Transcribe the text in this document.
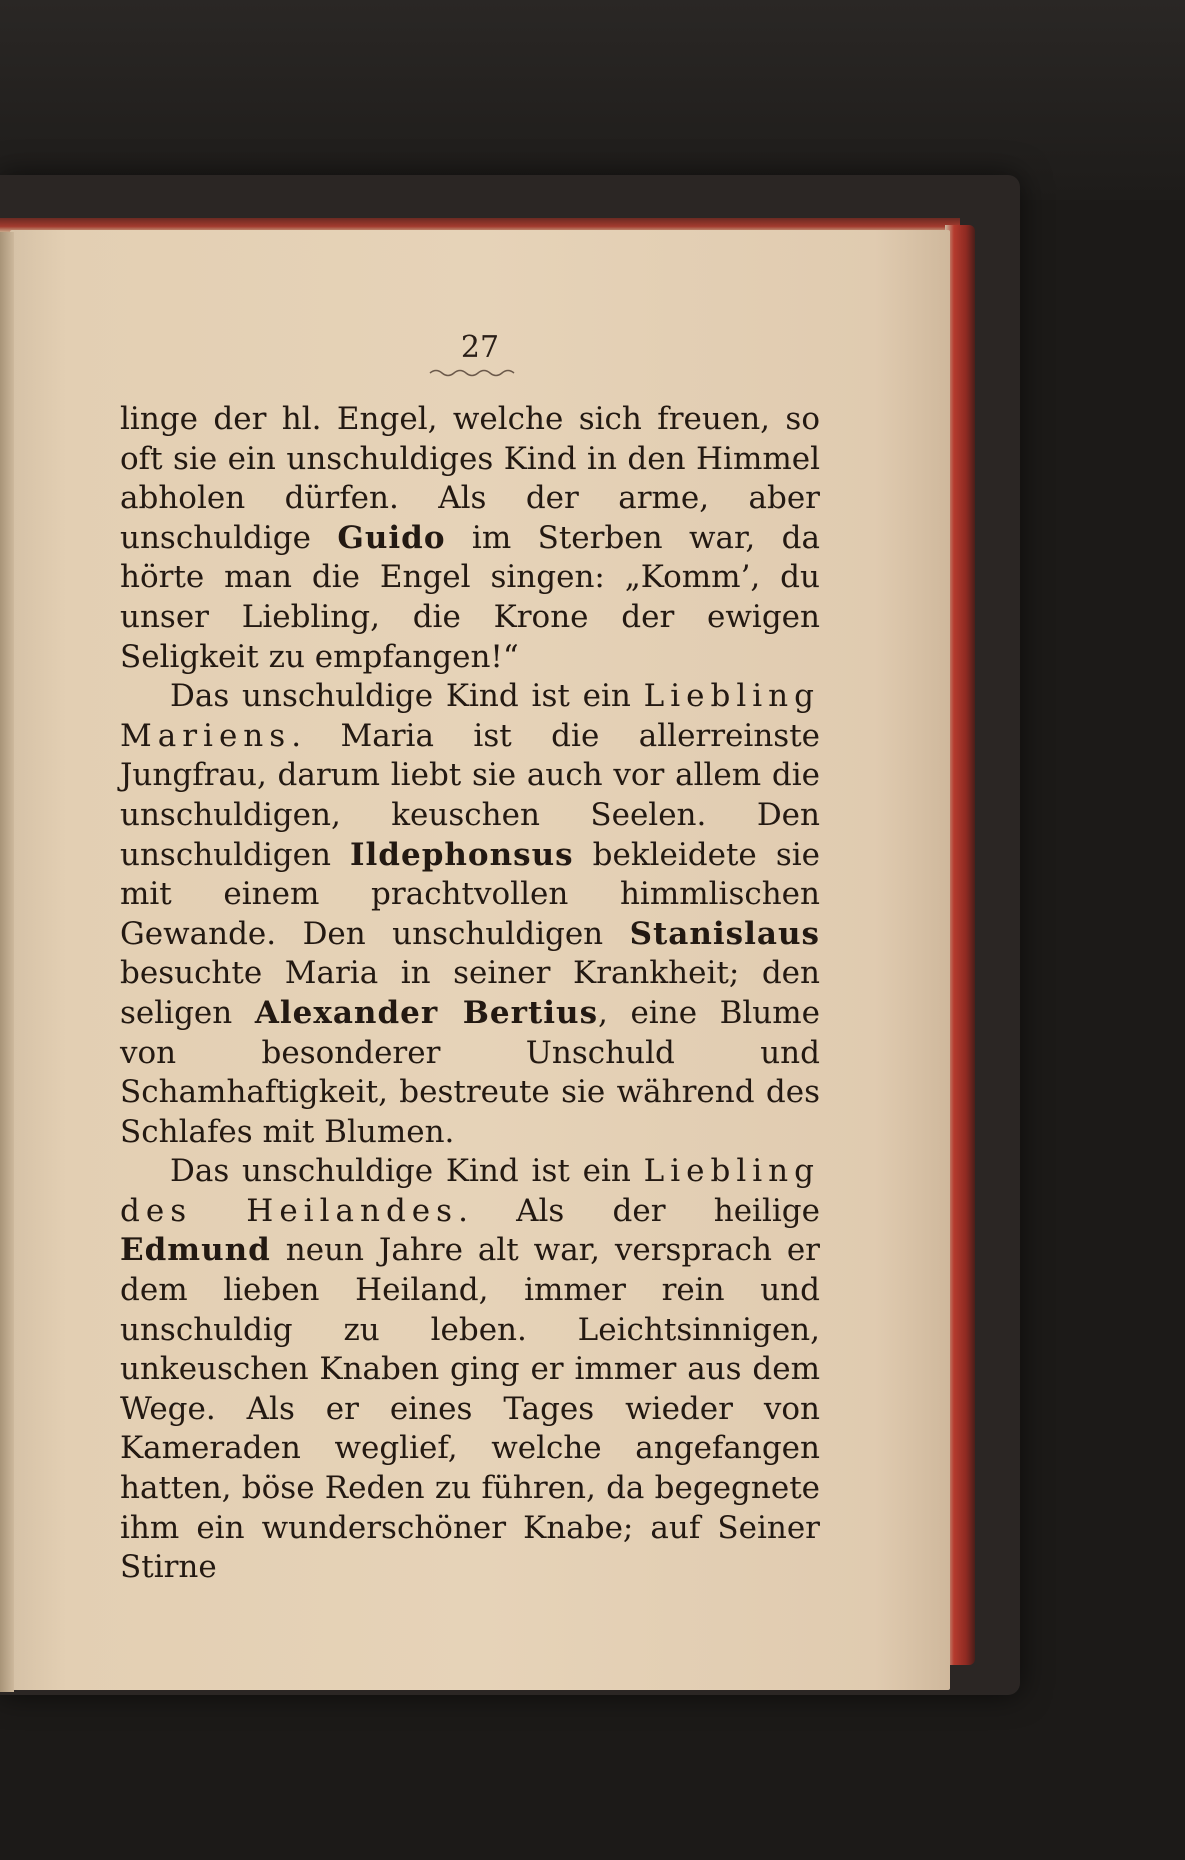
27

linge der hl. Engel, welche sich freuen, so oft sie ein unschuldiges Kind in den Himmel abholen dürfen. Als der arme, aber unschuldige Guido im Sterben war, da hörte man die Engel singen: „Komm’, du unser Liebling, die Krone der ewigen Seligkeit zu empfangen!“

Das unschuldige Kind ist ein Liebling Mariens. Maria ist die allerreinste Jungfrau, darum liebt sie auch vor allem die unschuldigen, keuschen Seelen. Den unschuldigen Ildephonsus bekleidete sie mit einem prachtvollen himmlischen Gewande. Den unschuldigen Stanislaus besuchte Maria in seiner Krankheit; den seligen Alexander Bertius, eine Blume von besonderer Unschuld und Schamhaftigkeit, bestreute sie während des Schlafes mit Blumen.

Das unschuldige Kind ist ein Liebling des Heilandes. Als der heilige Edmund neun Jahre alt war, versprach er dem lieben Heiland, immer rein und unschuldig zu leben. Leichtsinnigen, unkeuschen Knaben ging er immer aus dem Wege. Als er eines Tages wieder von Kameraden weglief, welche angefangen hatten, böse Reden zu führen, da begegnete ihm ein wunderschöner Knabe; auf Seiner Stirne
